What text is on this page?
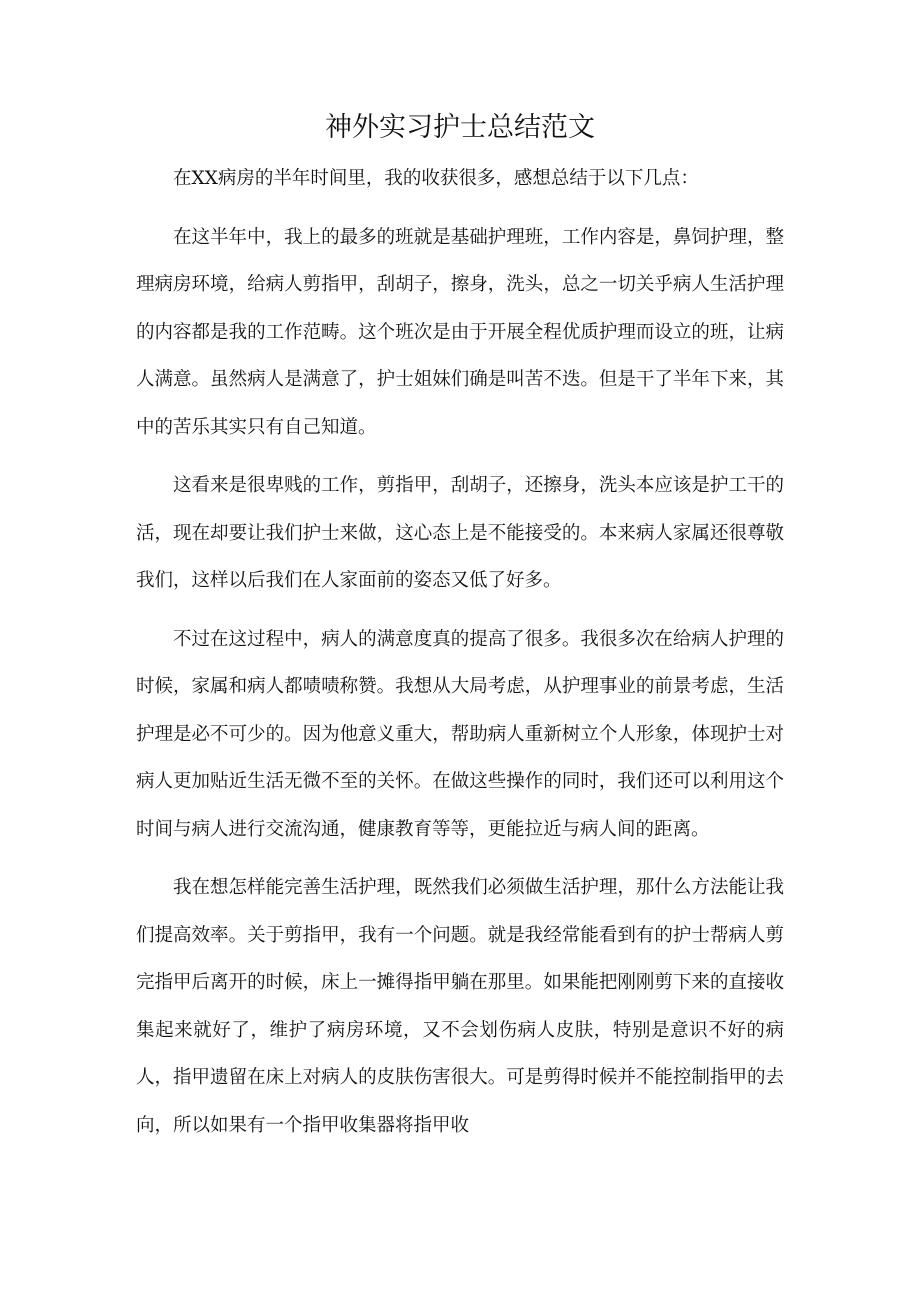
神外实习护士总结范文

在XX病房的半年时间里，我的收获很多，感想总结于以下几点：

在这半年中，我上的最多的班就是基础护理班，工作内容是，鼻饲护理，整理病房环境，给病人剪指甲，刮胡子，擦身，洗头，总之一切关乎病人生活护理的内容都是我的工作范畴。这个班次是由于开展全程优质护理而设立的班，让病人满意。虽然病人是满意了，护士姐妹们确是叫苦不迭。但是干了半年下来，其中的苦乐其实只有自己知道。

这看来是很卑贱的工作，剪指甲，刮胡子，还擦身，洗头本应该是护工干的活，现在却要让我们护士来做，这心态上是不能接受的。本来病人家属还很尊敬我们，这样以后我们在人家面前的姿态又低了好多。

不过在这过程中，病人的满意度真的提高了很多。我很多次在给病人护理的时候，家属和病人都啧啧称赞。我想从大局考虑，从护理事业的前景考虑，生活护理是必不可少的。因为他意义重大，帮助病人重新树立个人形象，体现护士对病人更加贴近生活无微不至的关怀。在做这些操作的同时，我们还可以利用这个时间与病人进行交流沟通，健康教育等等，更能拉近与病人间的距离。

我在想怎样能完善生活护理，既然我们必须做生活护理，那什么方法能让我们提高效率。关于剪指甲，我有一个问题。就是我经常能看到有的护士帮病人剪完指甲后离开的时候，床上一摊得指甲躺在那里。如果能把刚刚剪下来的直接收集起来就好了，维护了病房环境，又不会划伤病人皮肤，特别是意识不好的病人，指甲遗留在床上对病人的皮肤伤害很大。可是剪得时候并不能控制指甲的去向，所以如果有一个指甲收集器将指甲收
